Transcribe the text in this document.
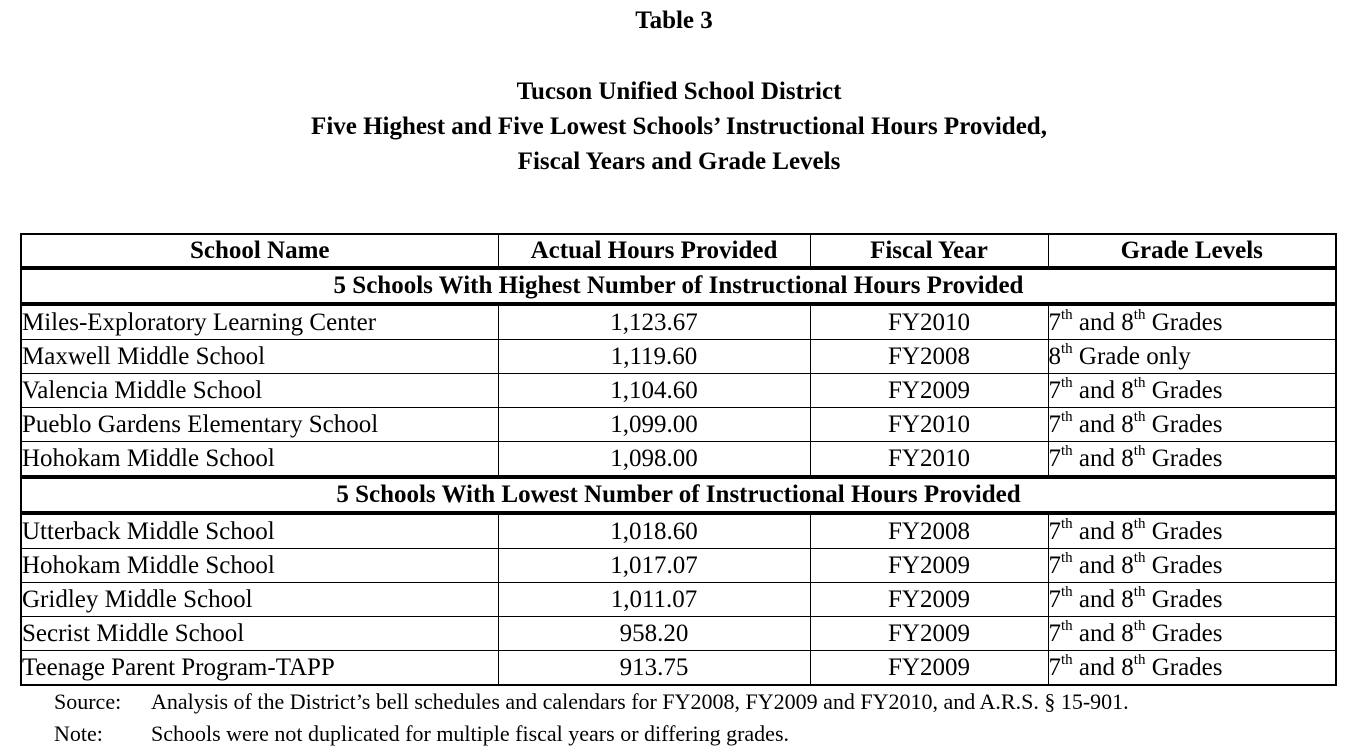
Table 3
Tucson Unified School District
Five Highest and Five Lowest Schools’ Instructional Hours Provided,
Fiscal Years and Grade Levels
School Name	Actual Hours Provided	Fiscal Year	Grade Levels
5 Schools With Highest Number of Instructional Hours Provided			
Miles-Exploratory Learning Center	1,123.67	FY2010	7th and 8th Grades
Maxwell Middle School	1,119.60	FY2008	8th Grade only
Valencia Middle School	1,104.60	FY2009	7th and 8th Grades
Pueblo Gardens Elementary School	1,099.00	FY2010	7th and 8th Grades
Hohokam Middle School	1,098.00	FY2010	7th and 8th Grades
5 Schools With Lowest Number of Instructional Hours Provided			
Utterback Middle School	1,018.60	FY2008	7th and 8th Grades
Hohokam Middle School	1,017.07	FY2009	7th and 8th Grades
Gridley Middle School	1,011.07	FY2009	7th and 8th Grades
Secrist Middle School	958.20	FY2009	7th and 8th Grades
Teenage Parent Program-TAPP	913.75	FY2009	7th and 8th Grades
Source: Analysis of the District’s bell schedules and calendars for FY2008, FY2009 and FY2010, and A.R.S. § 15-901.
Note: Schools were not duplicated for multiple fiscal years or differing grades.
